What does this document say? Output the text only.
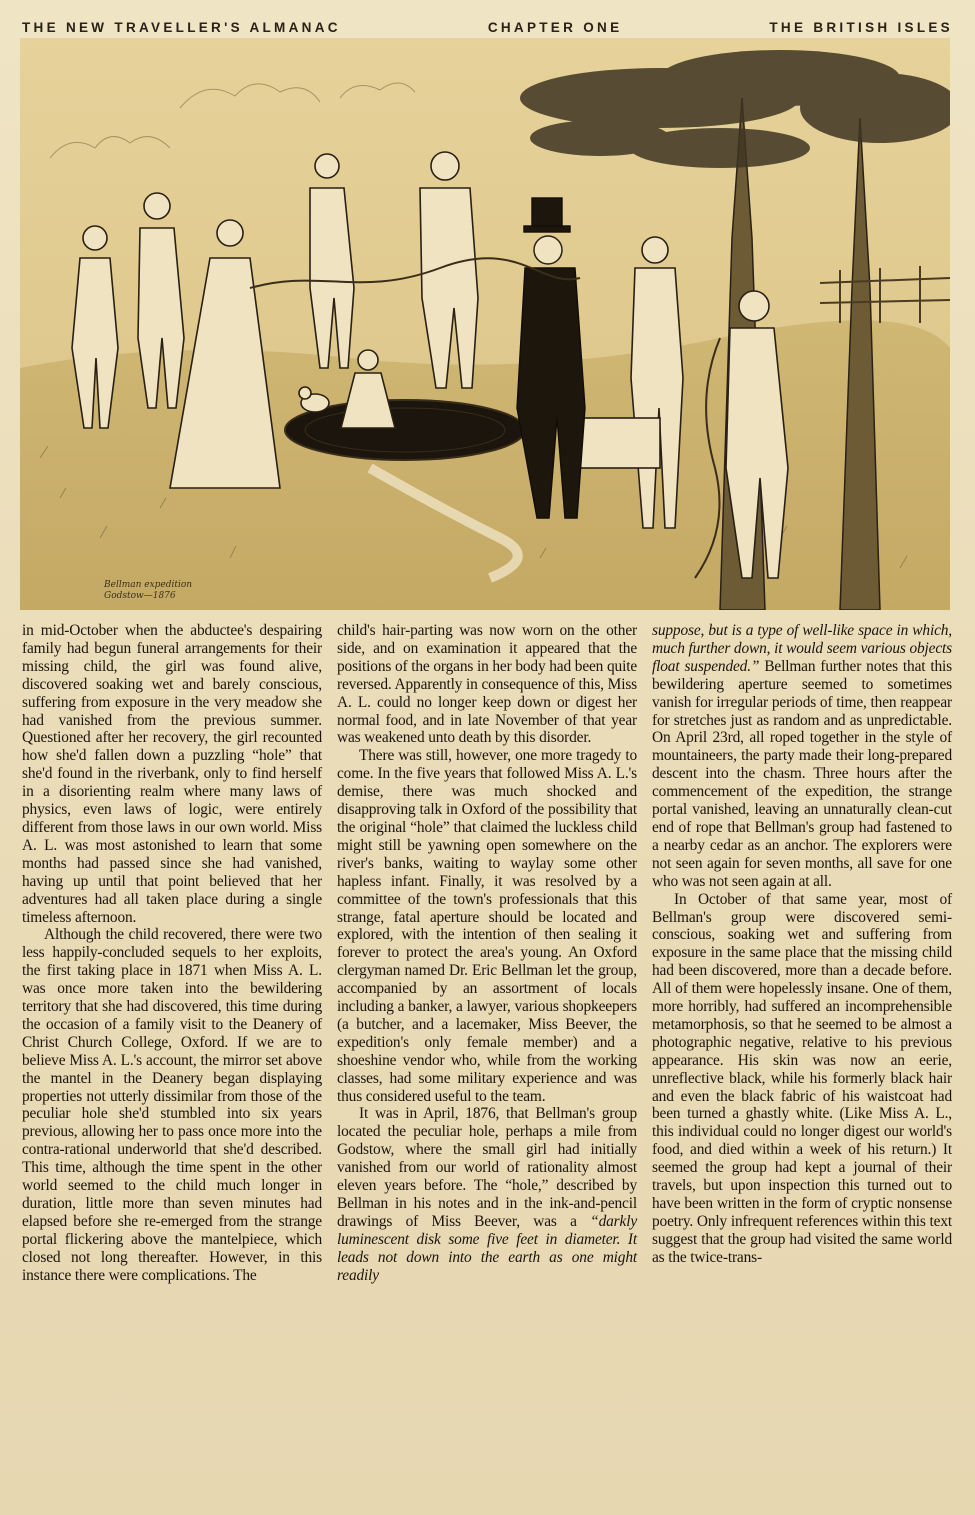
THE NEW TRAVELLER'S ALMANAC	CHAPTER ONE	THE BRITISH ISLES
Bellman expedition
Godstow—1876

in mid-October when the abductee's despairing family had begun funeral arrangements for their missing child, the girl was found alive, discovered soaking wet and barely conscious, suffering from exposure in the very meadow she had vanished from the previous summer. Questioned after her recovery, the girl recounted how she'd fallen down a puzzling “hole” that she'd found in the riverbank, only to find herself in a disorienting realm where many laws of physics, even laws of logic, were entirely different from those laws in our own world. Miss A. L. was most astonished to learn that some months had passed since she had vanished, having up until that point believed that her adventures had all taken place during a single timeless afternoon.

Although the child recovered, there were two less happily-concluded sequels to her exploits, the first taking place in 1871 when Miss A. L. was once more taken into the bewildering territory that she had discovered, this time during the occasion of a family visit to the Deanery of Christ Church College, Oxford. If we are to believe Miss A. L.'s account, the mirror set above the mantel in the Deanery began displaying properties not utterly dissimilar from those of the peculiar hole she'd stumbled into six years previous, allowing her to pass once more into the contra-rational underworld that she'd described. This time, although the time spent in the other world seemed to the child much longer in duration, little more than seven minutes had elapsed before she re-emerged from the strange portal flickering above the mantelpiece, which closed not long thereafter. However, in this instance there were complications. The

child's hair-parting was now worn on the other side, and on examination it appeared that the positions of the organs in her body had been quite reversed. Apparently in consequence of this, Miss A. L. could no longer keep down or digest her normal food, and in late November of that year was weakened unto death by this disorder.

There was still, however, one more tragedy to come. In the five years that followed Miss A. L.'s demise, there was much shocked and disapproving talk in Oxford of the possibility that the original “hole” that claimed the luckless child might still be yawning open somewhere on the river's banks, waiting to waylay some other hapless infant. Finally, it was resolved by a committee of the town's professionals that this strange, fatal aperture should be located and explored, with the intention of then sealing it forever to protect the area's young. An Oxford clergyman named Dr. Eric Bellman let the group, accompanied by an assortment of locals including a banker, a lawyer, various shopkeepers (a butcher, and a lacemaker, Miss Beever, the expedition's only female member) and a shoeshine vendor who, while from the working classes, had some military experience and was thus considered useful to the team.

It was in April, 1876, that Bellman's group located the peculiar hole, perhaps a mile from Godstow, where the small girl had initially vanished from our world of rationality almost eleven years before. The “hole,” described by Bellman in his notes and in the ink-and-pencil drawings of Miss Beever, was a “darkly luminescent disk some five feet in diameter. It leads not down into the earth as one might readily

suppose, but is a type of well-like space in which, much further down, it would seem various objects float suspended.” Bellman further notes that this bewildering aperture seemed to sometimes vanish for irregular periods of time, then reappear for stretches just as random and as unpredictable. On April 23rd, all roped together in the style of mountaineers, the party made their long-prepared descent into the chasm. Three hours after the commencement of the expedition, the strange portal vanished, leaving an unnaturally clean-cut end of rope that Bellman's group had fastened to a nearby cedar as an anchor. The explorers were not seen again for seven months, all save for one who was not seen again at all.

In October of that same year, most of Bellman's group were discovered semi-conscious, soaking wet and suffering from exposure in the same place that the missing child had been discovered, more than a decade before. All of them were hopelessly insane. One of them, more horribly, had suffered an incomprehensible metamorphosis, so that he seemed to be almost a photographic negative, relative to his previous appearance. His skin was now an eerie, unreflective black, while his formerly black hair and even the black fabric of his waistcoat had been turned a ghastly white. (Like Miss A. L., this individual could no longer digest our world's food, and died within a week of his return.) It seemed the group had kept a journal of their travels, but upon inspection this turned out to have been written in the form of cryptic nonsense poetry. Only infrequent references within this text suggest that the group had visited the same world as the twice-trans-
